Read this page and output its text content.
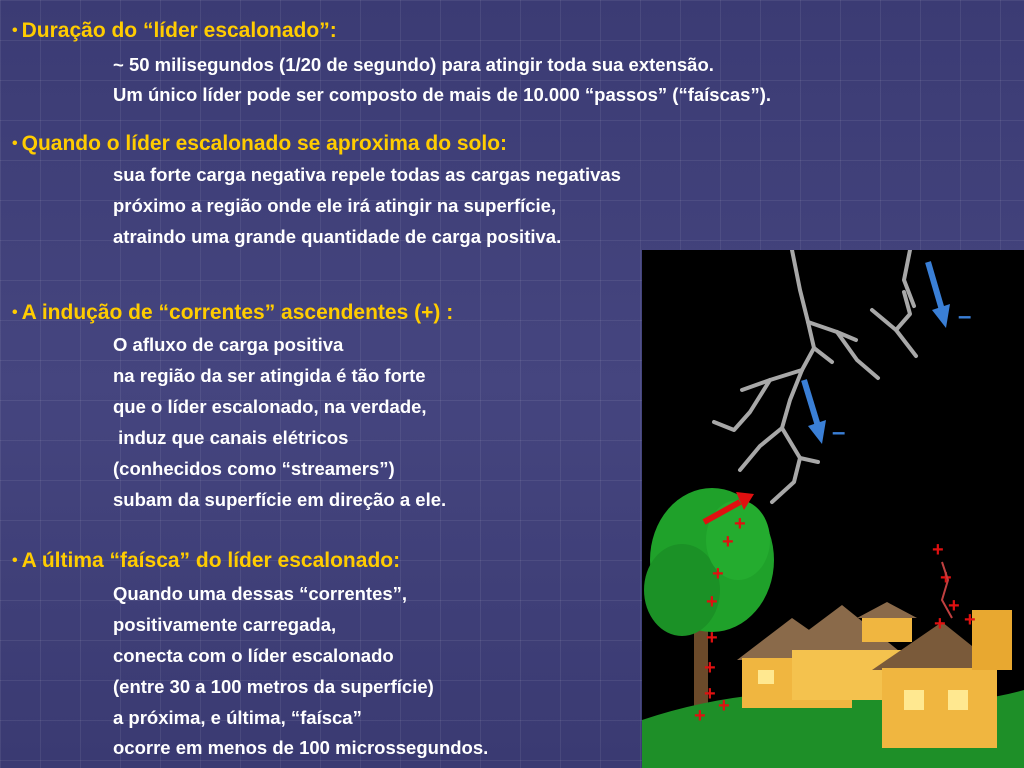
• Duração do “líder escalonado”:
~ 50 milisegundos (1/20 de segundo) para atingir toda sua extensão.
Um único líder pode ser composto de mais de 10.000 “passos” (“faíscas”).
• Quando o líder escalonado se aproxima do solo:
sua forte carga negativa repele todas as cargas negativas
próximo a região onde ele irá atingir na superfície,
atraindo uma grande quantidade de carga positiva.
• A indução de “correntes” ascendentes (+) :
O afluxo de carga positiva
na região da ser atingida é tão forte
que o líder escalonado, na verdade,
induz que canais elétricos
(conhecidos como “streamers”)
subam da superfície em direção a ele.
• A última “faísca” do líder escalonado:
Quando uma dessas “correntes”,
positivamente carregada,
conecta com o líder escalonado
(entre 30 a 100 metros da superfície)
a próxima, e última, “faísca”
ocorre em menos de 100 microssegundos.
–
–
+
+
+
+
+
+
+
+
+
+
+
+
+
+
